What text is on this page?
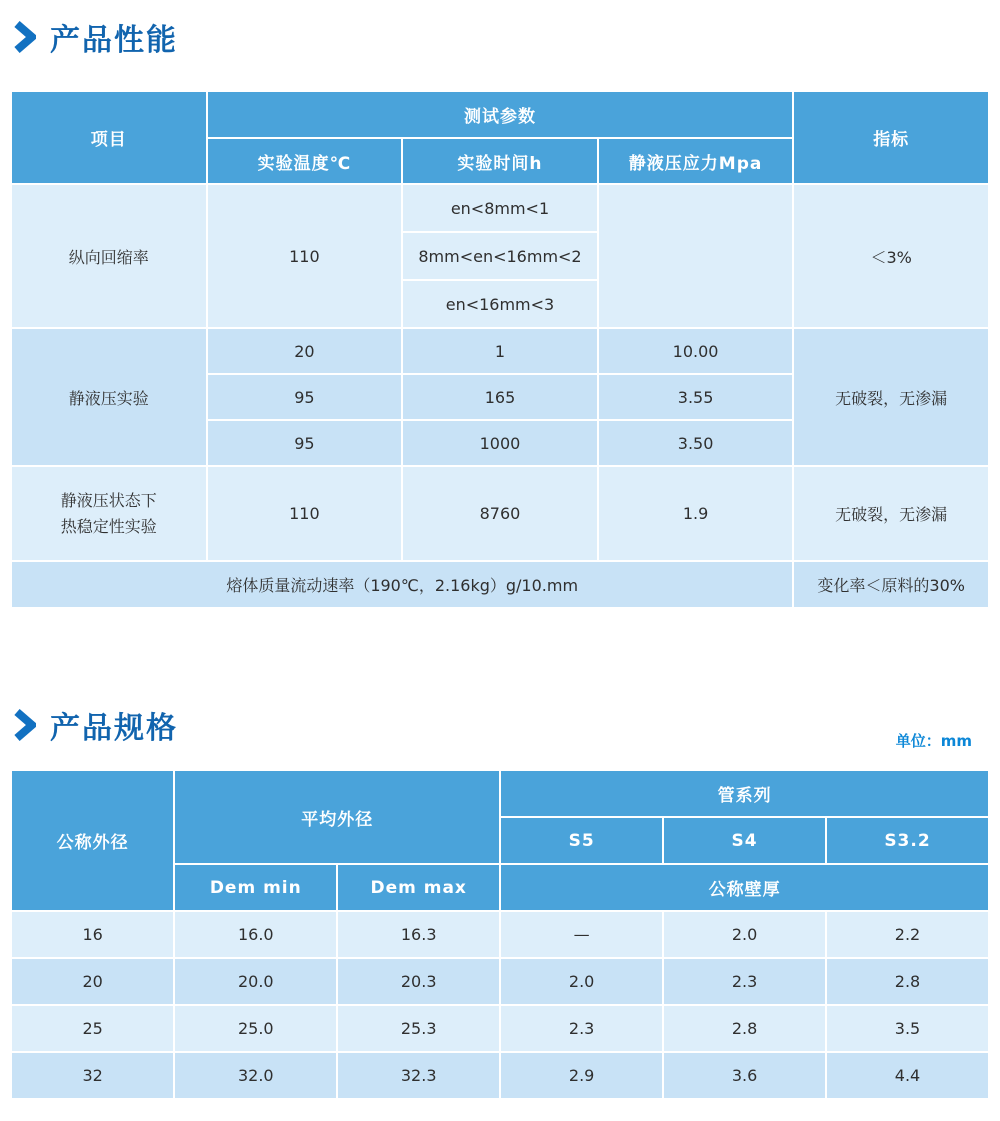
产品性能
项目	测试参数			指标
	实验温度℃	实验时间h	静液压应力Mpa	
纵向回缩率	110	en<8mm<1		＜3%
		8mm<en<16mm<2		
		en<16mm<3		
静液压实验	20	1	10.00	无破裂，无渗漏
	95	165	3.55	
	95	1000	3.50	

静液压状态下
热稳定性实验	110	8760	1.9	无破裂，无渗漏
熔体质量流动速率（190℃，2.16kg）g/10.mm				变化率＜原料的30%
产品规格	单位：mm
公称外径	平均外径		管系列		
			S5	S4	S3.2
	Dem min	Dem max	公称壁厚		
16	16.0	16.3	—	2.0	2.2
20	20.0	20.3	2.0	2.3	2.8
25	25.0	25.3	2.3	2.8	3.5
32	32.0	32.3	2.9	3.6	4.4
